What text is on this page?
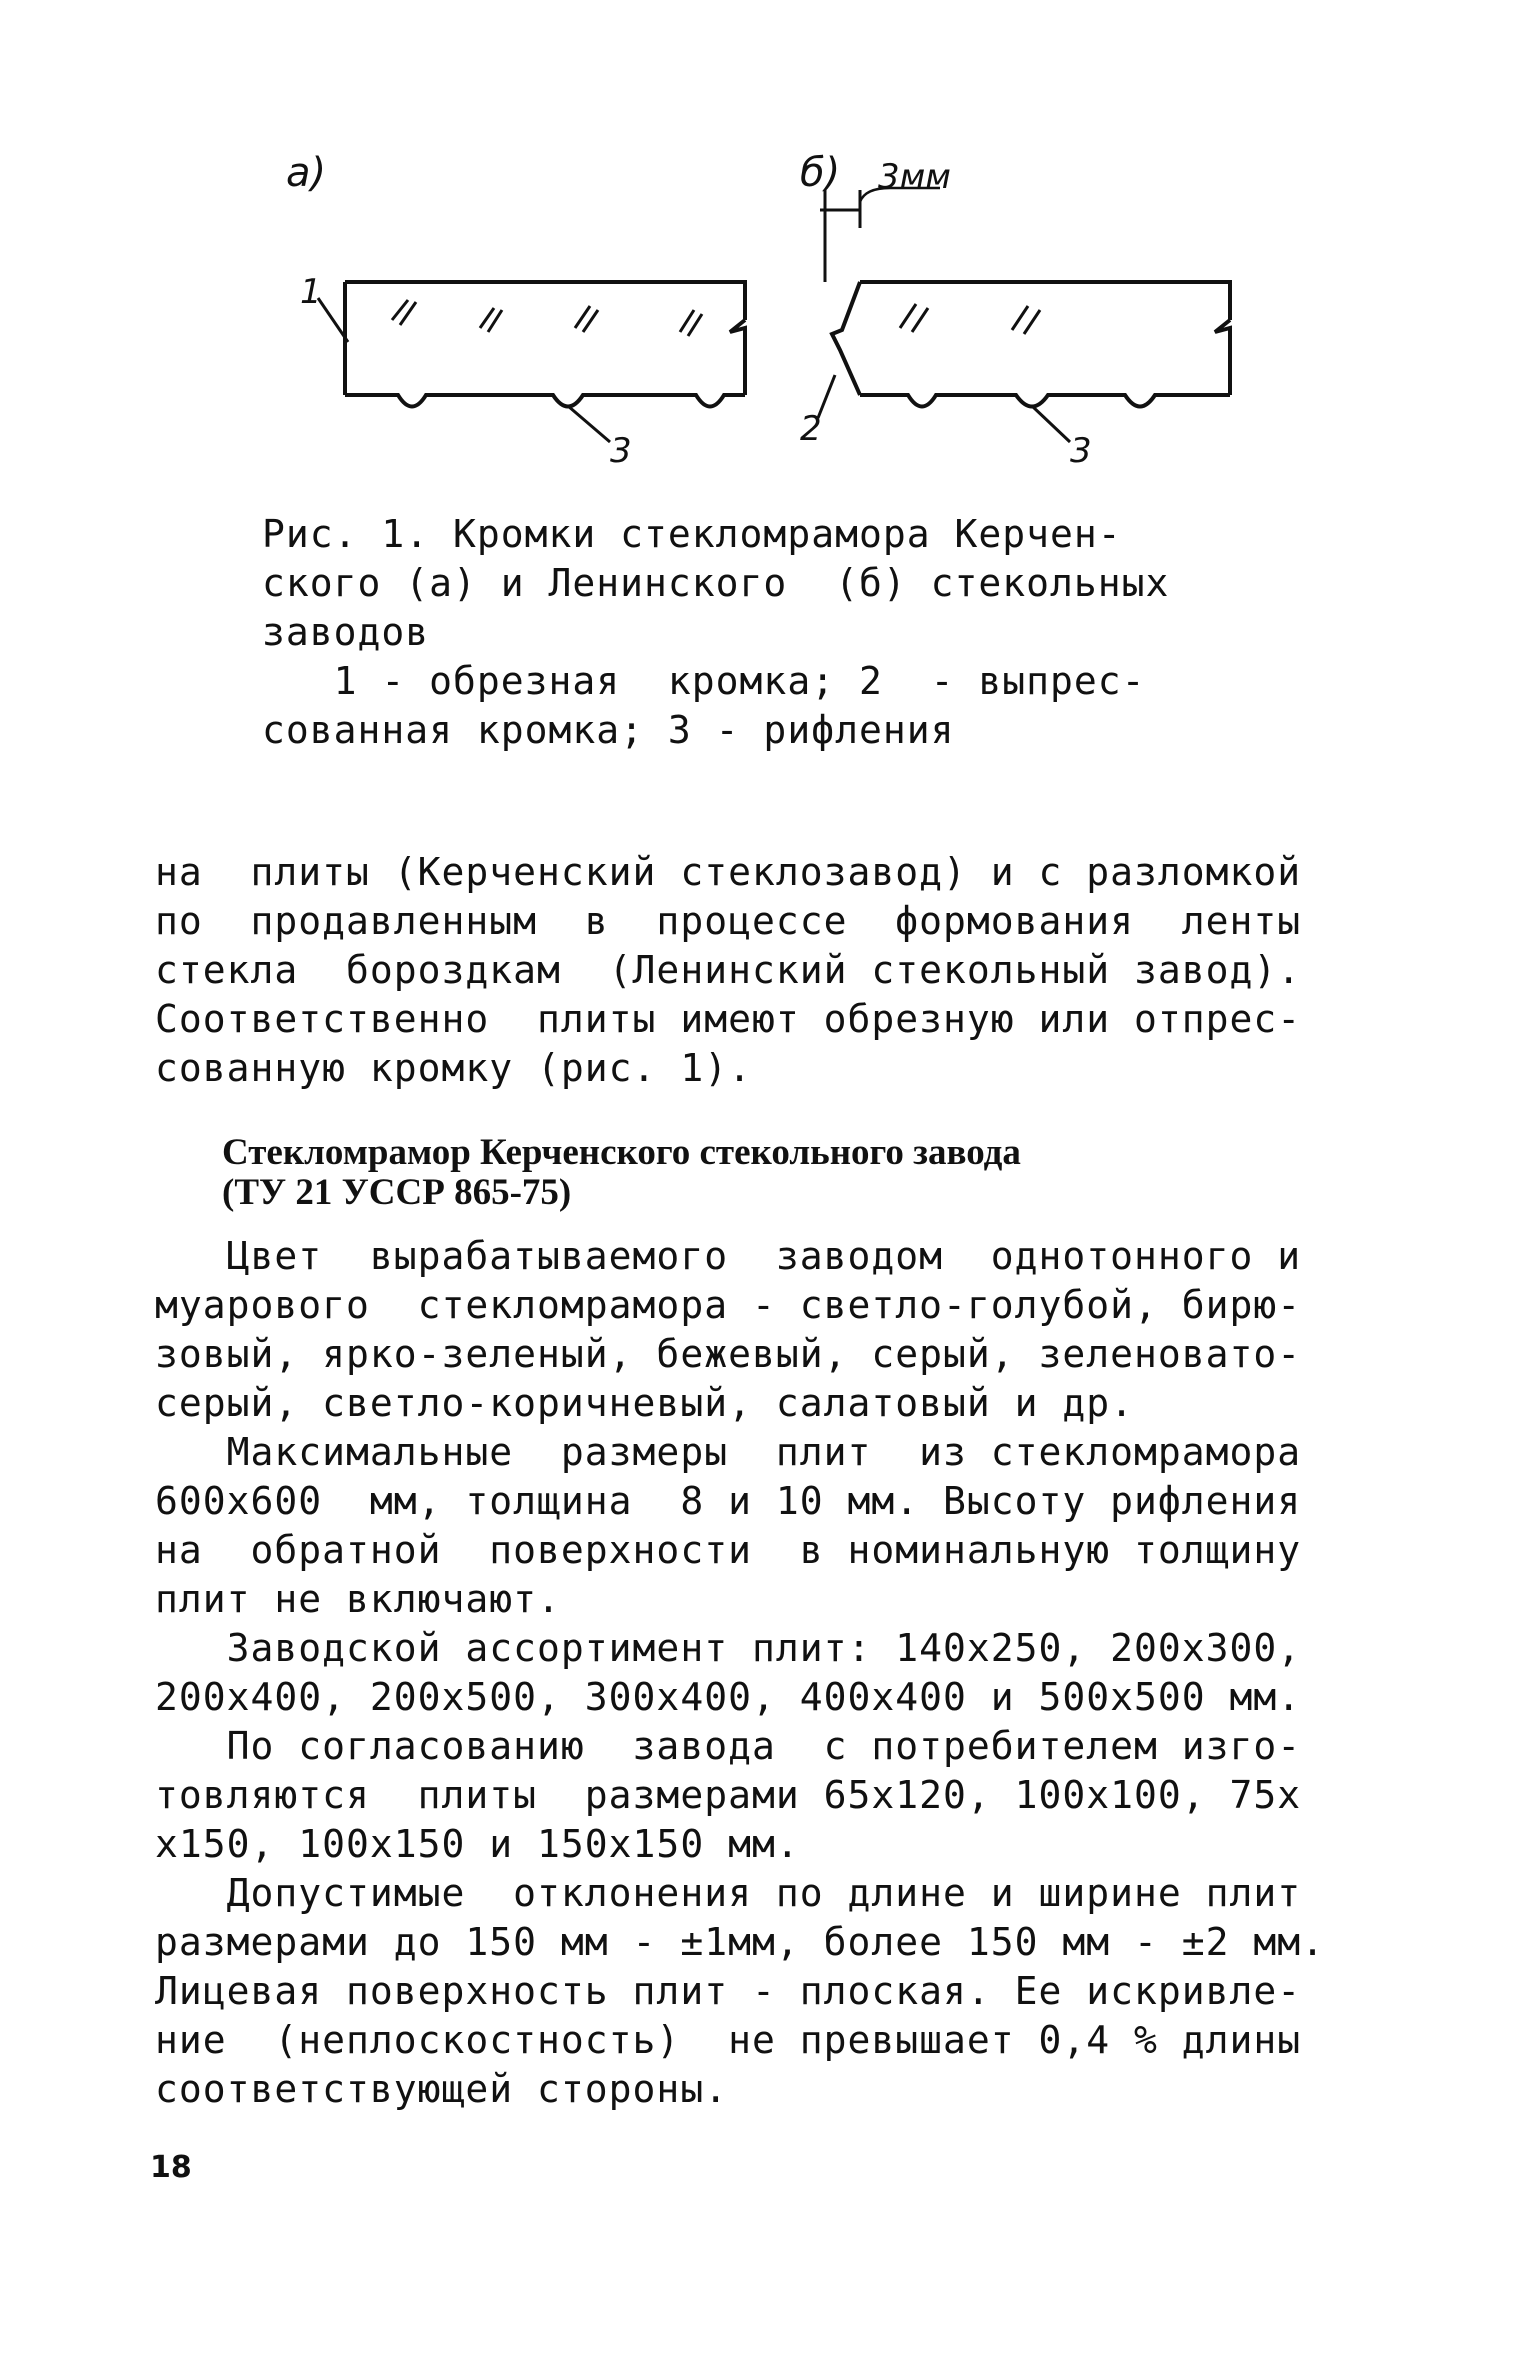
а)
1
3
б) 3мм
2
3
Рис. 1. Кромки стекломрамора Керчен-
ского (а) и Ленинского  (б) стекольных
заводов
1 - обрезная  кромка; 2  - выпрес-
сованная кромка; 3 - рифления
на  плиты (Керченский стеклозавод) и с разломкой
по  продавленным  в  процессе  формования  ленты
стекла  бороздкам  (Ленинский стекольный завод).
Соответственно  плиты имеют обрезную или отпрес-
сованную кромку (рис. 1).
Стекломрамор Керченского стекольного завода
(ТУ 21 УССР 865-75)
Цвет  вырабатываемого  заводом  однотонного и
муарового  стекломрамора - светло-голубой, бирю-
зовый, ярко-зеленый, бежевый, серый, зеленовато-
серый, светло-коричневый, салатовый и др.
Максимальные  размеры  плит  из стекломрамора
600х600  мм, толщина  8 и 10 мм. Высоту рифления
на  обратной  поверхности  в номинальную толщину
плит не включают.
Заводской ассортимент плит: 140х250, 200х300,
200х400, 200х500, 300х400, 400х400 и 500х500 мм.
По согласованию  завода  с потребителем изго-
товляются  плиты  размерами 65х120, 100х100, 75х
х150, 100х150 и 150х150 мм.
Допустимые  отклонения по длине и ширине плит
размерами до 150 мм - ±1мм, более 150 мм - ±2 мм.
Лицевая поверхность плит - плоская. Ее искривле-
ние  (неплоскостность)  не превышает 0,4 % длины
соответствующей стороны.
18
